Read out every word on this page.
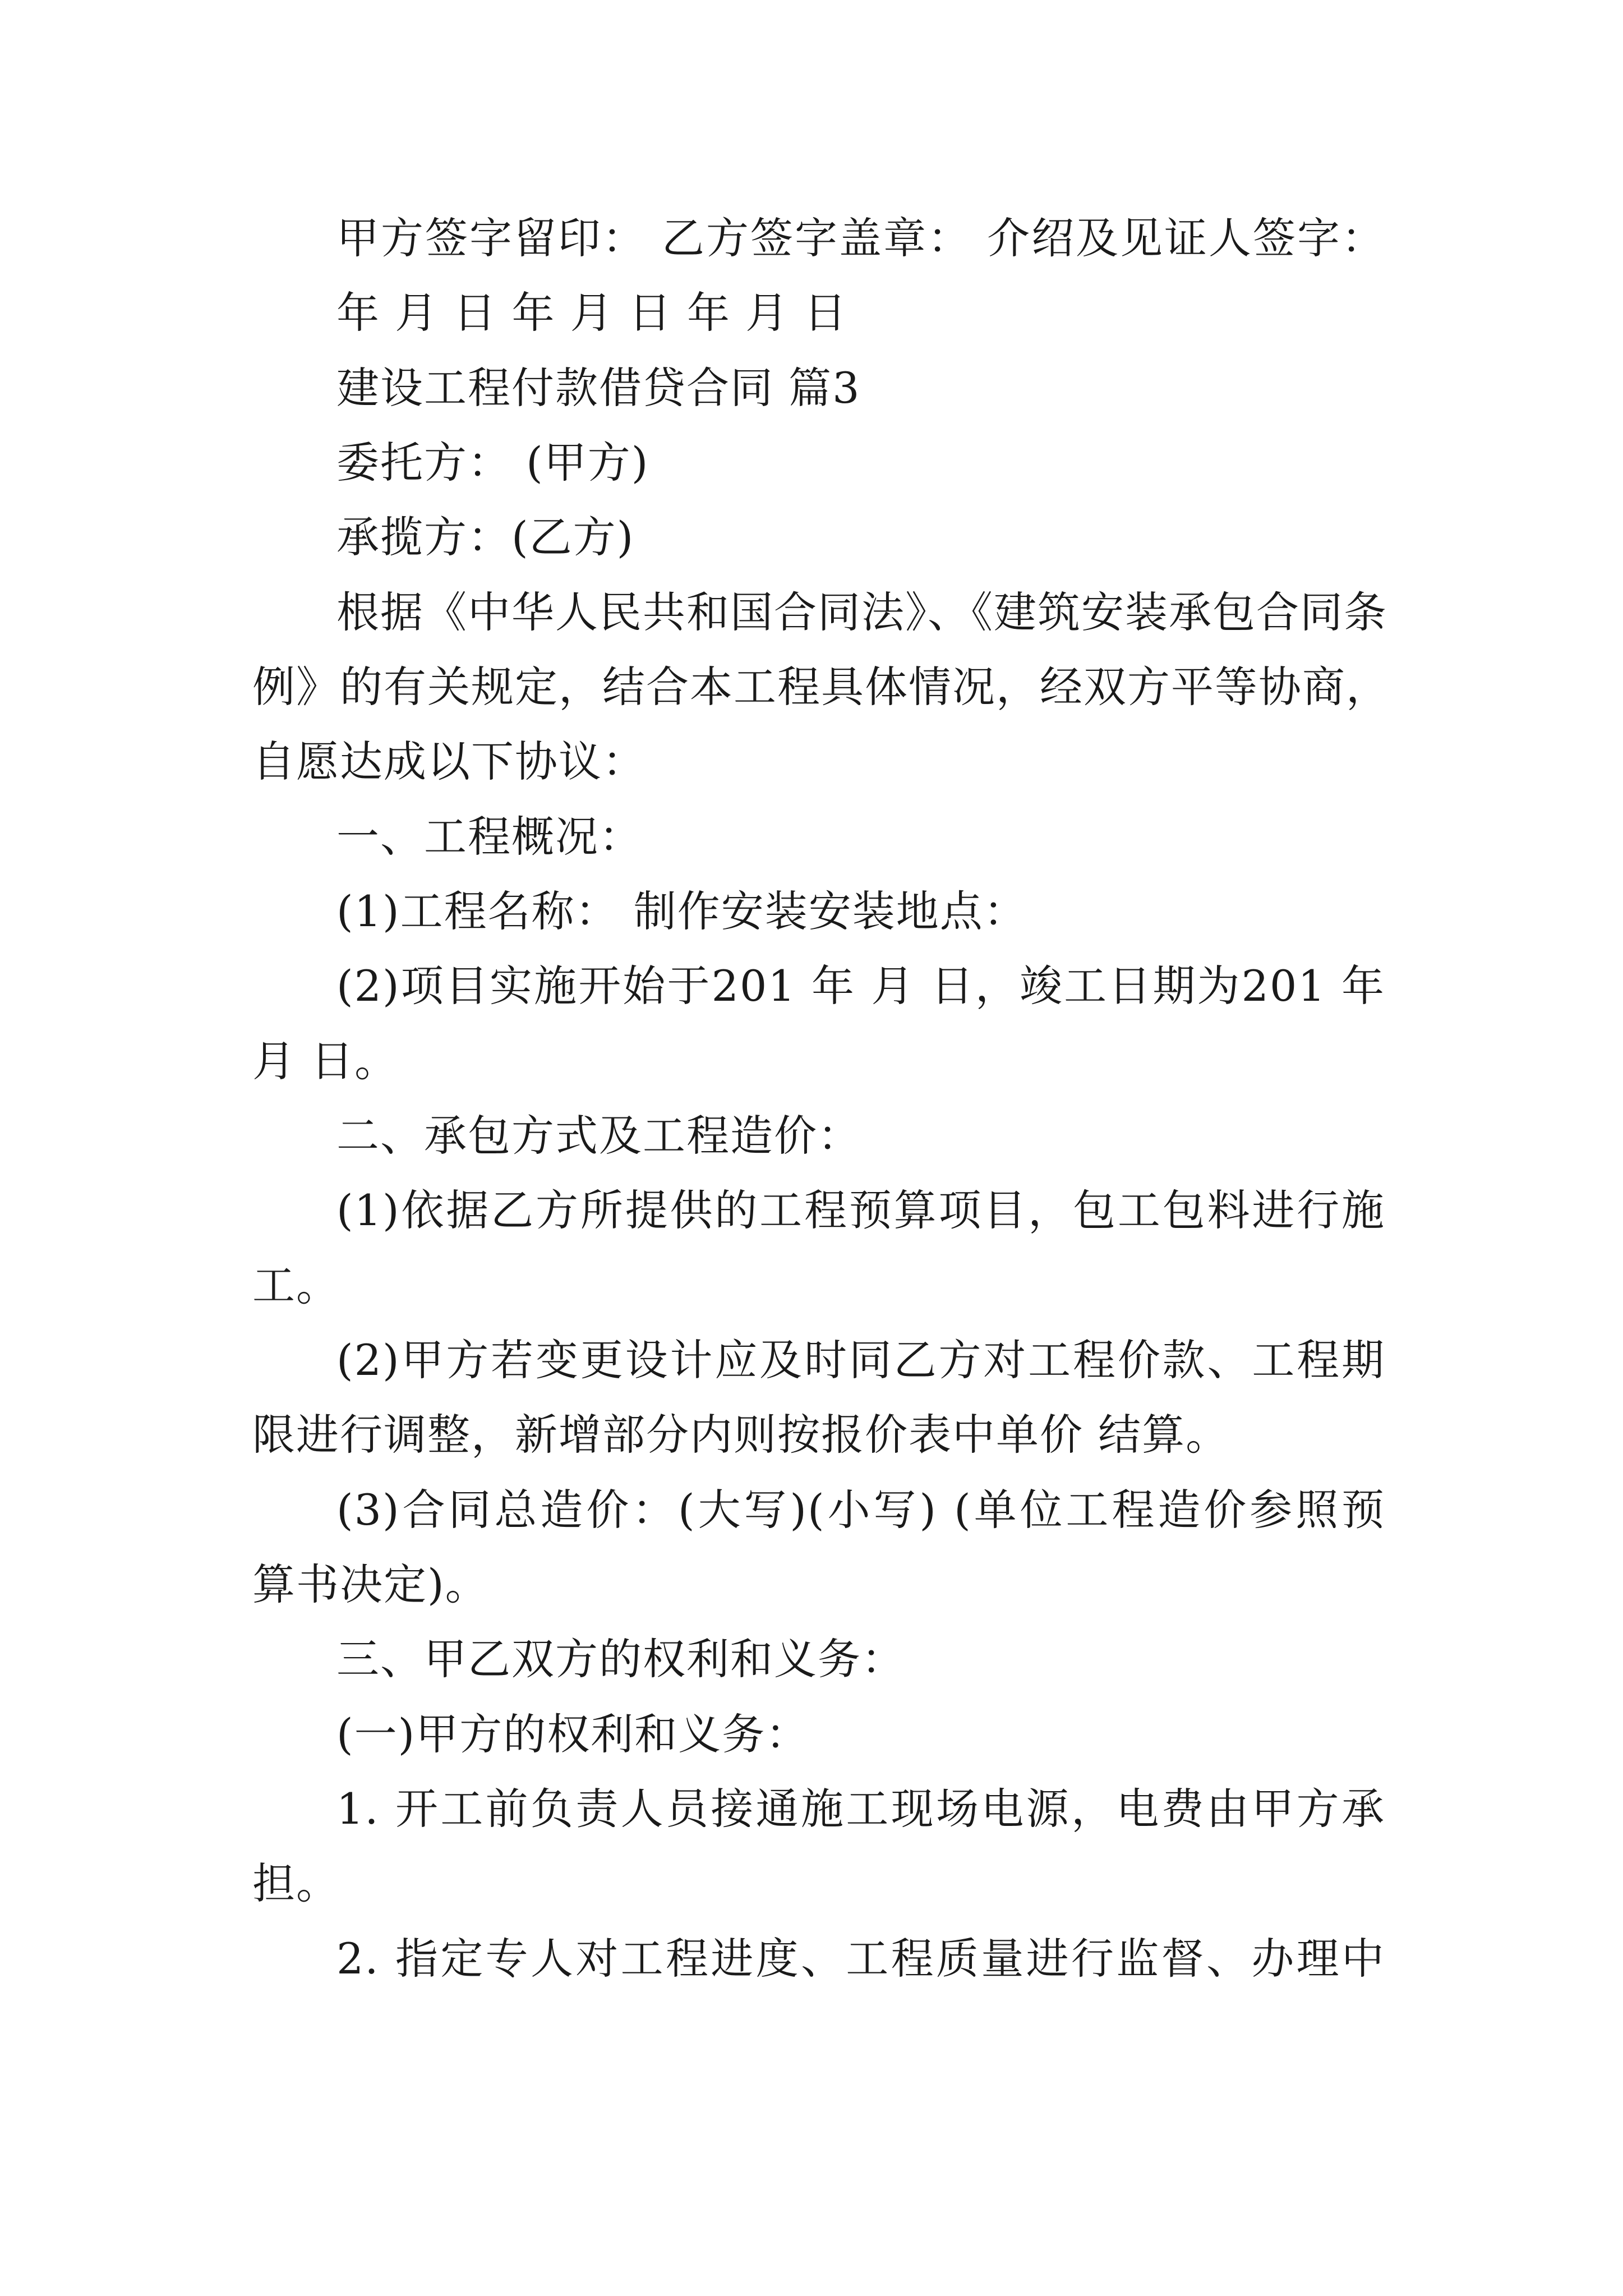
甲方签字留印： 乙方签字盖章： 介绍及见证人签字：
年 月 日 年 月 日 年 月 日
建设工程付款借贷合同 篇3
委托方： (甲方)
承揽方：(乙方)
根据《中华人民共和国合同法》、《建筑安装承包合同条
例》的有关规定，结合本工程具体情况，经双方平等协商，
自愿达成以下协议：
一、工程概况：
(1)工程名称： 制作安装安装地点：
(2)项目实施开始于201 年 月 日，竣工日期为201 年
月 日。
二、承包方式及工程造价：
(1)依据乙方所提供的工程预算项目，包工包料进行施
工。
(2)甲方若变更设计应及时同乙方对工程价款、工程期
限进行调整，新增部分内则按报价表中单价 结算。
(3)合同总造价：(大写)(小写) (单位工程造价参照预
算书决定)。
三、甲乙双方的权利和义务：
(一)甲方的权利和义务：
1. 开工前负责人员接通施工现场电源，电费由甲方承
担。
2. 指定专人对工程进度、工程质量进行监督、办理中
